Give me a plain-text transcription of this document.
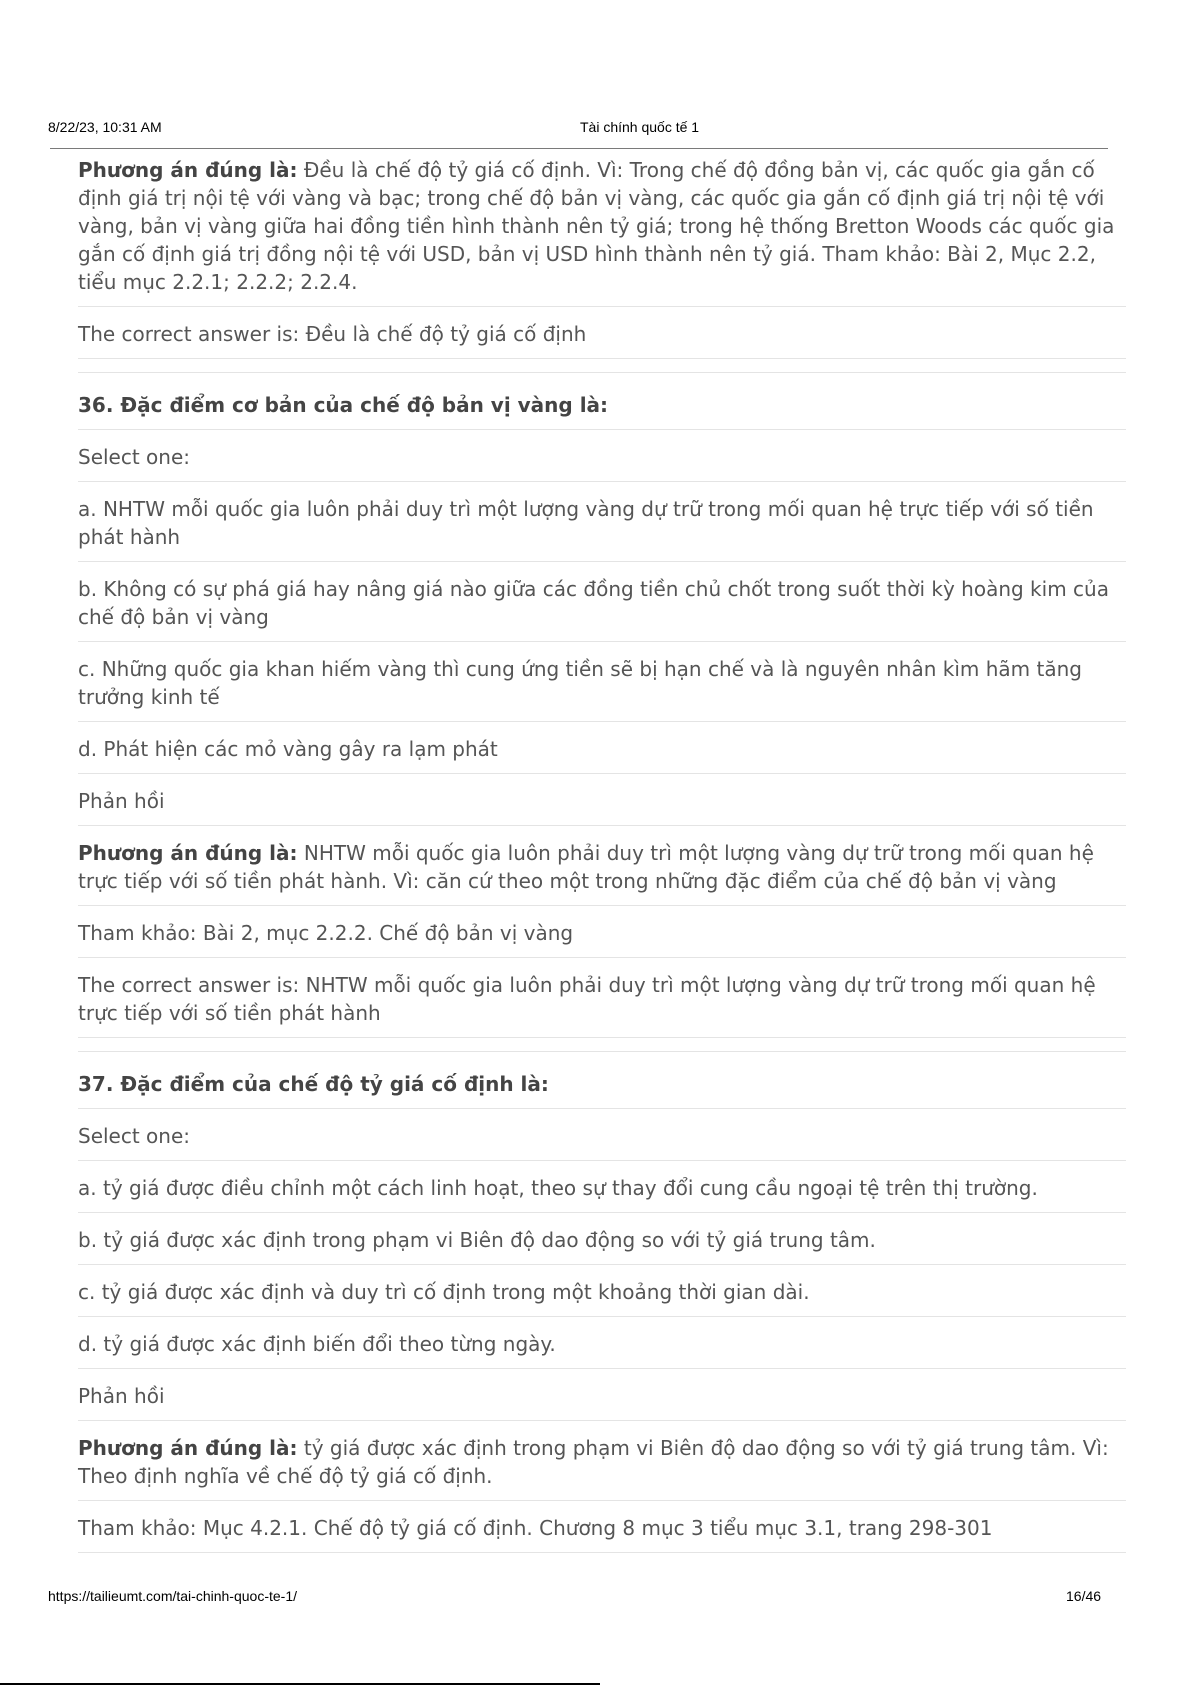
8/22/23, 10:31 AM	Tài chính quốc tế 1
Phương án đúng là: Đều là chế độ tỷ giá cố định. Vì: Trong chế độ đồng bản vị, các quốc gia gắn cố định giá trị nội tệ với vàng và bạc; trong chế độ bản vị vàng, các quốc gia gắn cố định giá trị nội tệ với vàng, bản vị vàng giữa hai đồng tiền hình thành nên tỷ giá; trong hệ thống Bretton Woods các quốc gia gắn cố định giá trị đồng nội tệ với USD, bản vị USD hình thành nên tỷ giá. Tham khảo: Bài 2, Mục 2.2, tiểu mục 2.2.1; 2.2.2; 2.2.4.
The correct answer is: Đều là chế độ tỷ giá cố định
36. Đặc điểm cơ bản của chế độ bản vị vàng là:
Select one:
a. NHTW mỗi quốc gia luôn phải duy trì một lượng vàng dự trữ trong mối quan hệ trực tiếp với số tiền phát hành
b. Không có sự phá giá hay nâng giá nào giữa các đồng tiền chủ chốt trong suốt thời kỳ hoàng kim của chế độ bản vị vàng
c. Những quốc gia khan hiếm vàng thì cung ứng tiền sẽ bị hạn chế và là nguyên nhân kìm hãm tăng trưởng kinh tế
d. Phát hiện các mỏ vàng gây ra lạm phát
Phản hồi
Phương án đúng là: NHTW mỗi quốc gia luôn phải duy trì một lượng vàng dự trữ trong mối quan hệ trực tiếp với số tiền phát hành. Vì: căn cứ theo một trong những đặc điểm của chế độ bản vị vàng
Tham khảo: Bài 2, mục 2.2.2. Chế độ bản vị vàng
The correct answer is: NHTW mỗi quốc gia luôn phải duy trì một lượng vàng dự trữ trong mối quan hệ trực tiếp với số tiền phát hành
37. Đặc điểm của chế độ tỷ giá cố định là:
Select one:
a. tỷ giá được điều chỉnh một cách linh hoạt, theo sự thay đổi cung cầu ngoại tệ trên thị trường.
b. tỷ giá được xác định trong phạm vi Biên độ dao động so với tỷ giá trung tâm.
c. tỷ giá được xác định và duy trì cố định trong một khoảng thời gian dài.
d. tỷ giá được xác định biến đổi theo từng ngày.
Phản hồi
Phương án đúng là: tỷ giá được xác định trong phạm vi Biên độ dao động so với tỷ giá trung tâm. Vì: Theo định nghĩa về chế độ tỷ giá cố định.
Tham khảo: Mục 4.2.1. Chế độ tỷ giá cố định. Chương 8 mục 3 tiểu mục 3.1, trang 298-301
https://tailieumt.com/tai-chinh-quoc-te-1/	16/46
